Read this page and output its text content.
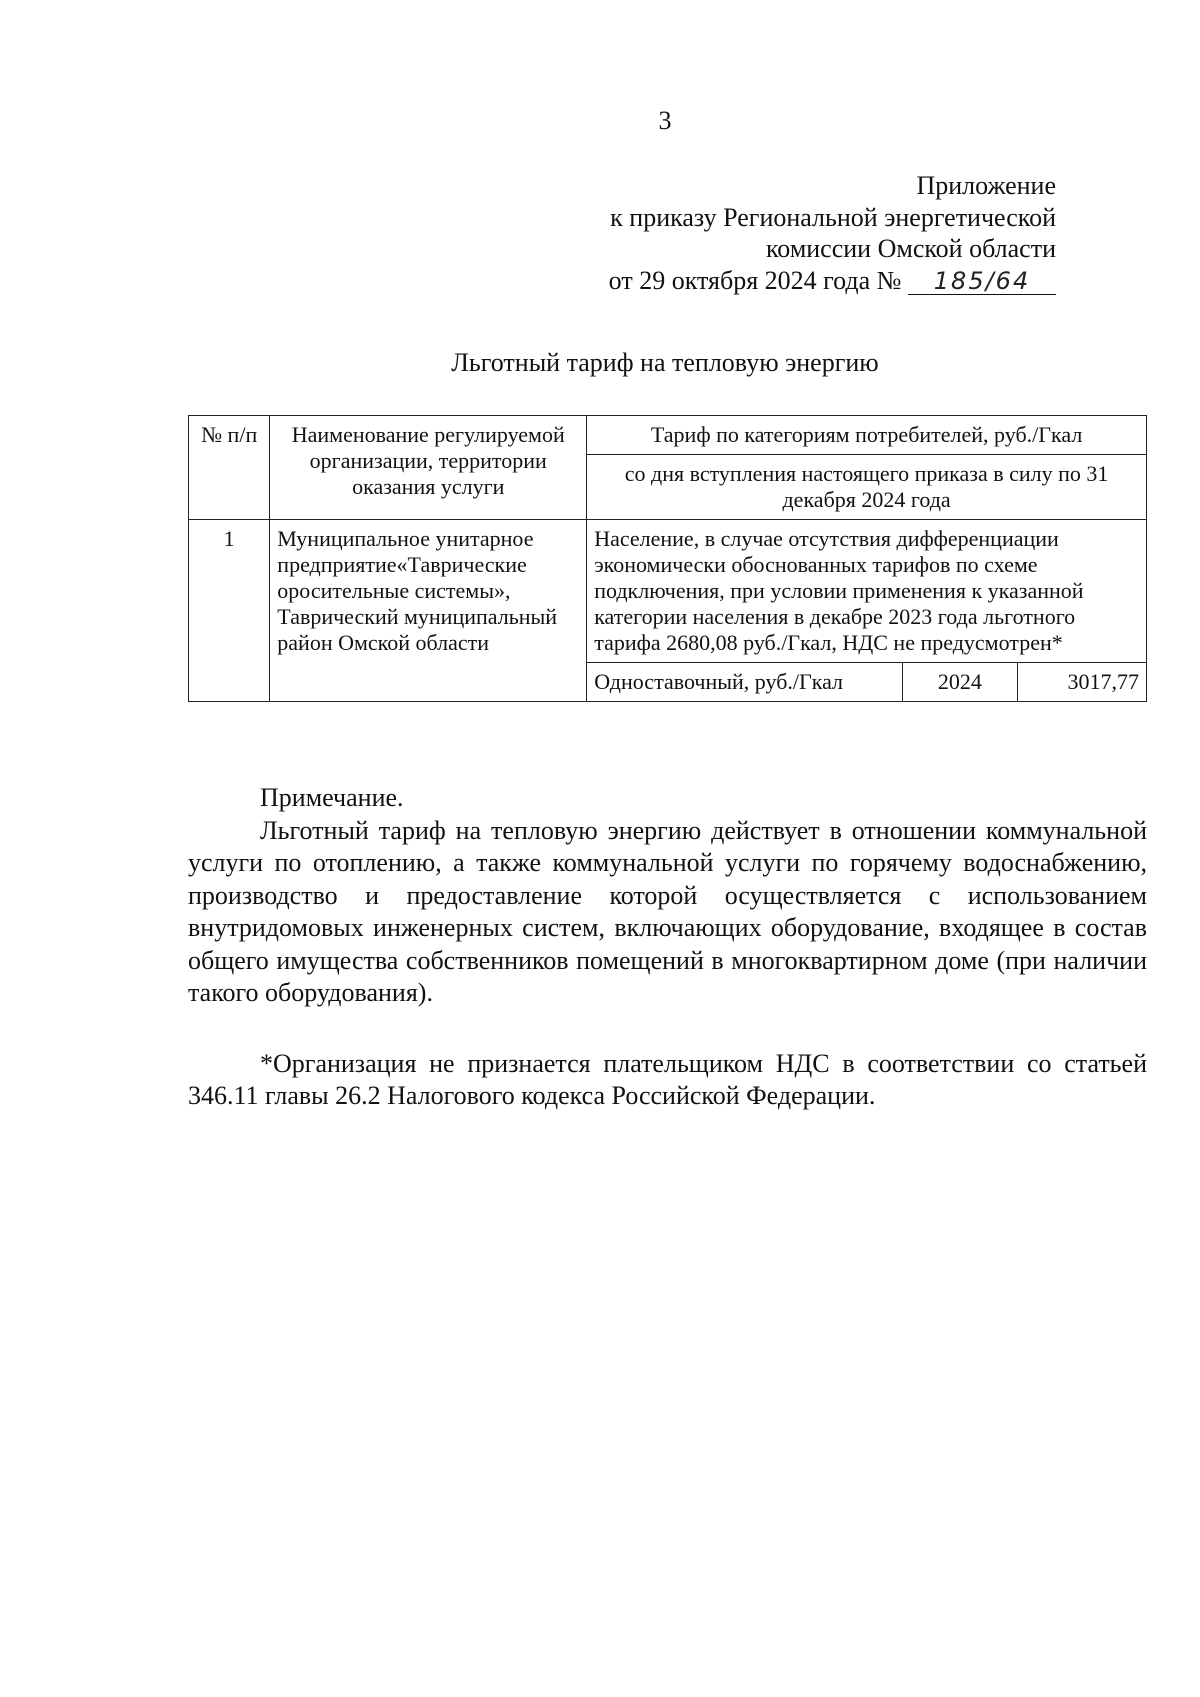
3
Приложение
к приказу Региональной энергетической
комиссии Омской области
от 29 октября 2024 года № 185/64
Льготный тариф на тепловую энергию
№ п/п	Наименование регулируемой организации, территории оказания услуги	Тариф по категориям потребителей, руб./Гкал		
		со дня вступления настоящего приказа в силу по 31 декабря 2024 года		
1	Муниципальное унитарное предприятие«Таврические оросительные системы», Таврический муниципальный район Омской области	Население, в случае отсутствия дифференциации экономически обоснованных тарифов по схеме подключения, при условии применения к указанной категории населения в декабре 2023 года льготного тарифа 2680,08 руб./Гкал, НДС не предусмотрен*		
		Одноставочный, руб./Гкал	2024	3017,77

Примечание.

Льготный тариф на тепловую энергию действует в отношении коммунальной услуги по отоплению, а также коммунальной услуги по горячему водоснабжению, производство и предоставление которой осуществляется с использованием внутридомовых инженерных систем, включающих оборудование, входящее в состав общего имущества собственников помещений в многоквартирном доме (при наличии такого оборудования).

*Организация не признается плательщиком НДС в соответствии со статьей 346.11 главы 26.2 Налогового кодекса Российской Федерации.
